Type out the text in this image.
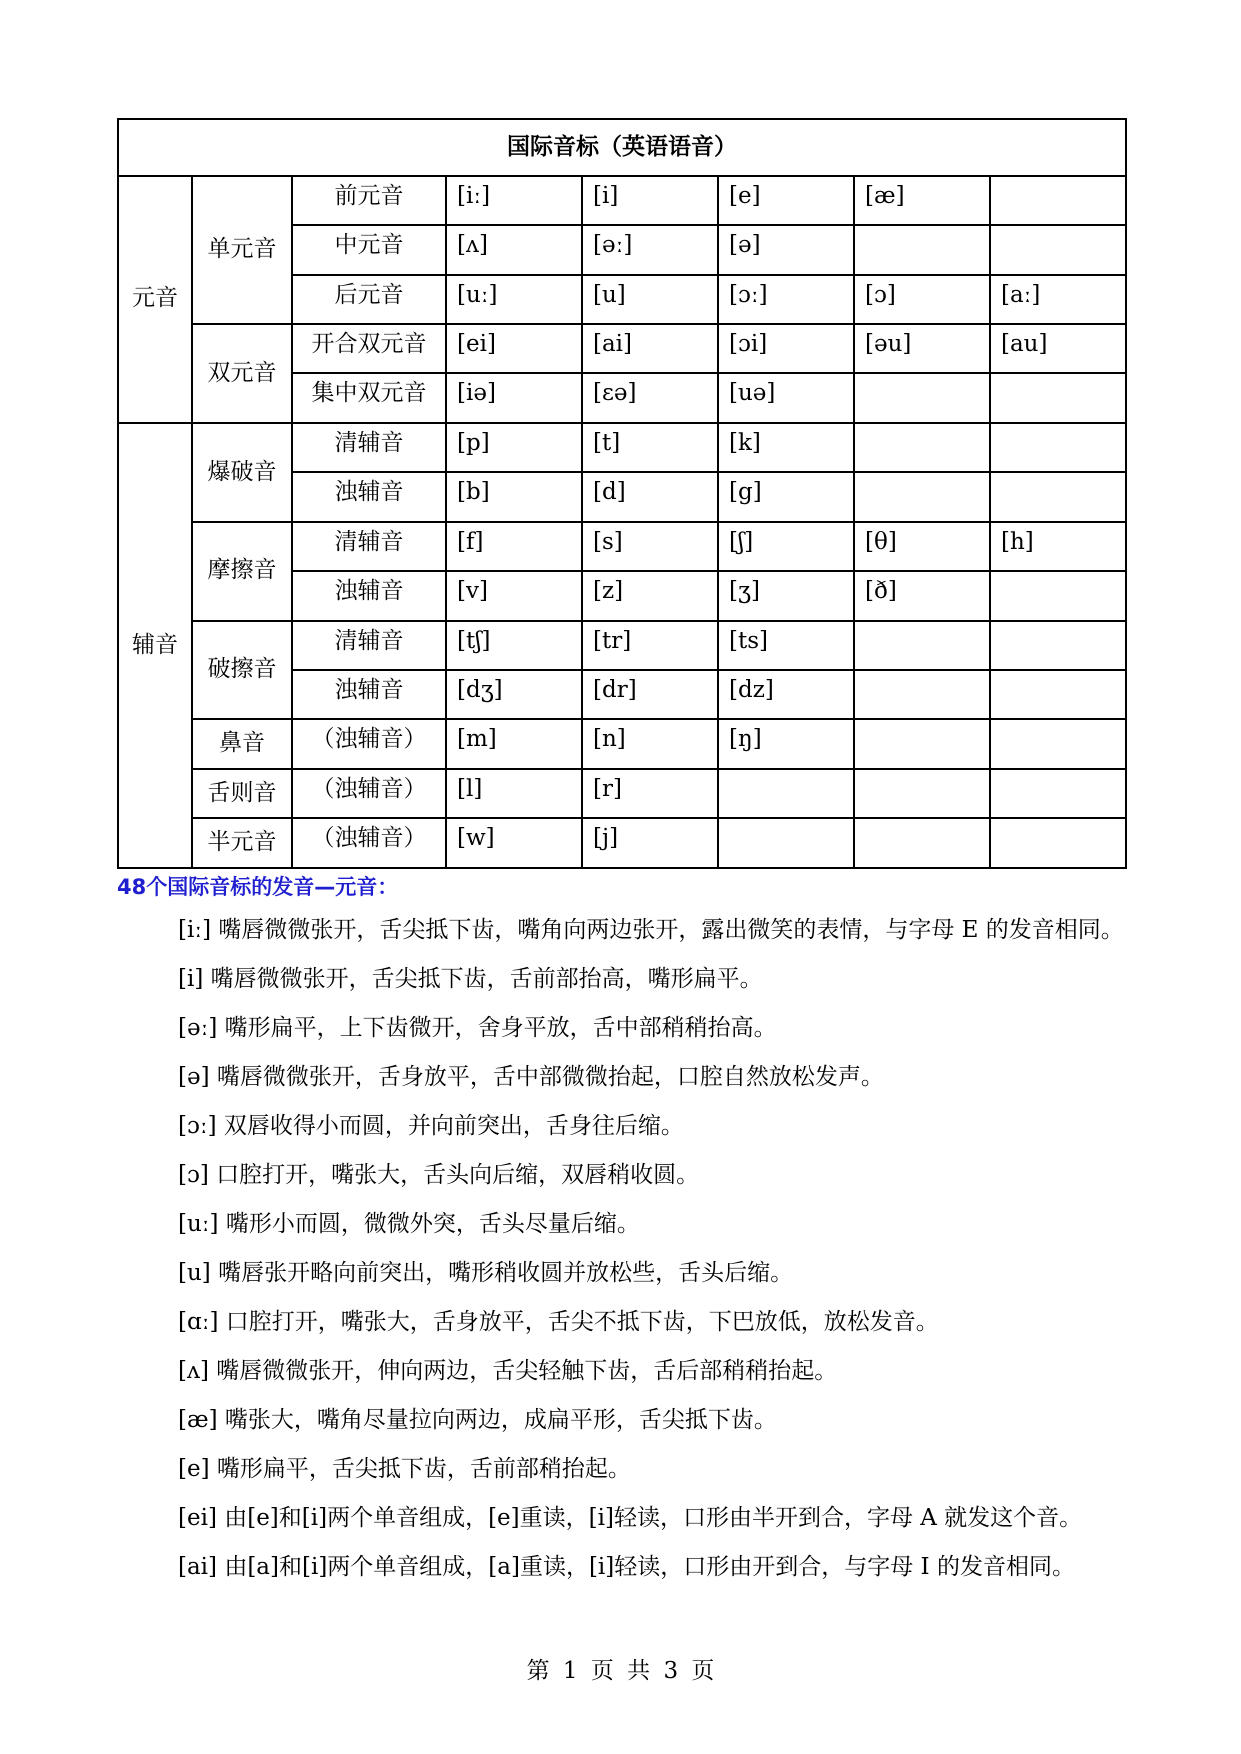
国际音标（英语语音）							
元音	单元音	前元音	[iː]	[i]	[e]	[æ]	
		中元音	[ʌ]	[əː]	[ə]		
		后元音	[uː]	[u]	[ɔː]	[ɔ]	[aː]
	双元音	开合双元音	[ei]	[ai]	[ɔi]	[əu]	[au]
		集中双元音	[iə]	[εə]	[uə]		
辅音	爆破音	清辅音	[p]	[t]	[k]		
		浊辅音	[b]	[d]	[g]		
	摩擦音	清辅音	[f]	[s]	[ʃ]	[θ]	[h]
		浊辅音	[v]	[z]	[ʒ]	[ð]	
	破擦音	清辅音	[tʃ]	[tr]	[ts]		
		浊辅音	[dʒ]	[dr]	[dz]		
	鼻音	（浊辅音）	[m]	[n]	[ŋ]		
	舌则音	（浊辅音）	[l]	[r]			
	半元音	（浊辅音）	[w]	[j]			

48个国际音标的发音—元音：

[iː] 嘴唇微微张开，舌尖抵下齿，嘴角向两边张开，露出微笑的表情，与字母 E 的发音相同。

[i] 嘴唇微微张开，舌尖抵下齿，舌前部抬高，嘴形扁平。

[əː] 嘴形扁平，上下齿微开，舍身平放，舌中部稍稍抬高。

[ə] 嘴唇微微张开，舌身放平，舌中部微微抬起，口腔自然放松发声。

[ɔː] 双唇收得小而圆，并向前突出，舌身往后缩。

[ɔ] 口腔打开，嘴张大，舌头向后缩，双唇稍收圆。

[uː] 嘴形小而圆，微微外突，舌头尽量后缩。

[u] 嘴唇张开略向前突出，嘴形稍收圆并放松些，舌头后缩。

[ɑː] 口腔打开，嘴张大，舌身放平，舌尖不抵下齿，下巴放低，放松发音。

[ʌ] 嘴唇微微张开，伸向两边，舌尖轻触下齿，舌后部稍稍抬起。

[æ] 嘴张大，嘴角尽量拉向两边，成扁平形，舌尖抵下齿。

[e] 嘴形扁平，舌尖抵下齿，舌前部稍抬起。

[ei] 由[e]和[i]两个单音组成，[e]重读，[i]轻读，口形由半开到合，字母 A 就发这个音。

[ai] 由[a]和[i]两个单音组成，[a]重读，[i]轻读，口形由开到合，与字母 I 的发音相同。

第 1 页 共 3 页
